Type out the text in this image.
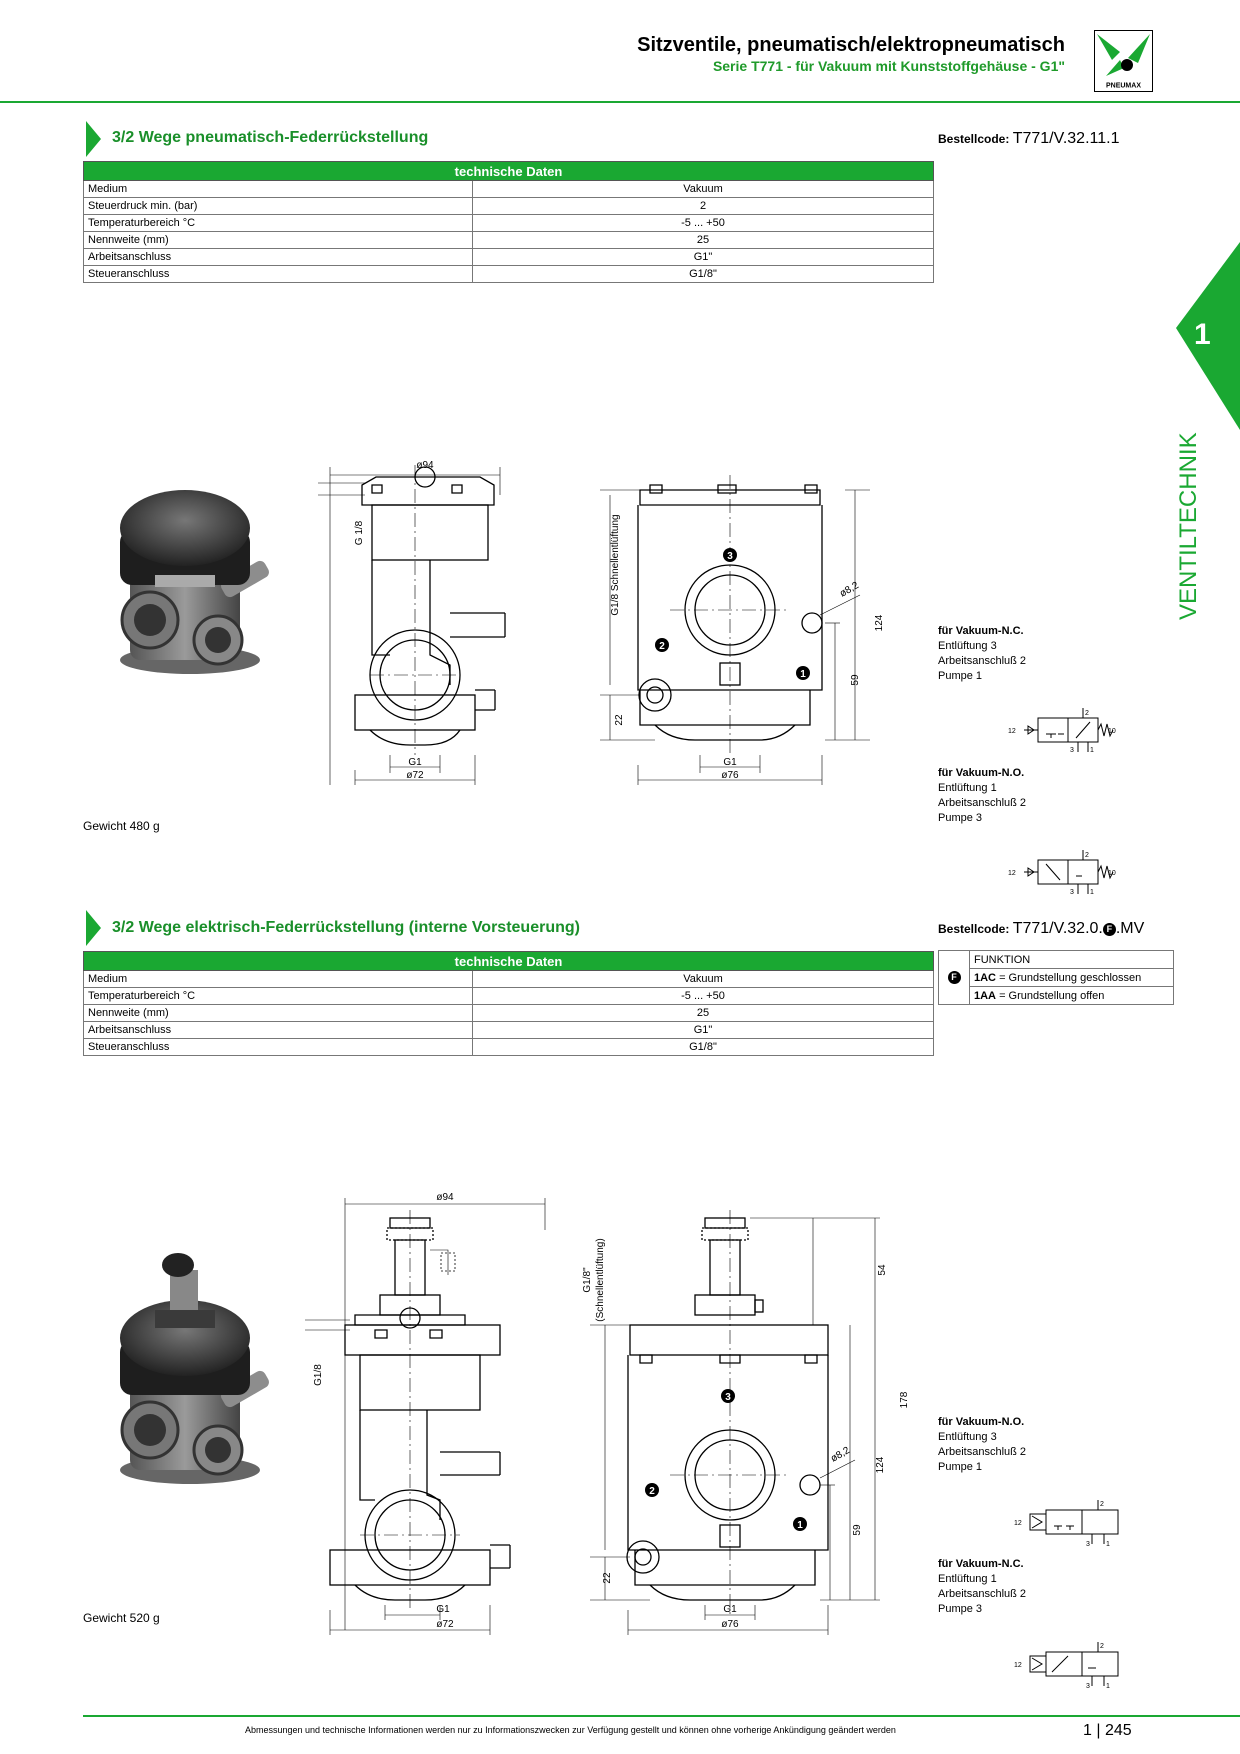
Sitzventile, pneumatisch/elektropneumatisch
Serie T771 - für Vakuum mit Kunststoffgehäuse - G1"
PNEUMAX
1
VENTILTECHNIK
3/2 Wege pneumatisch-Federrückstellung	Bestellcode: T771/V.32.11.1
technische Daten	
Medium	Vakuum
Steuerdruck min. (bar)	2
Temperaturbereich °C	-5 ... +50
Nennweite (mm)	25
Arbeitsanschluss	G1"
Steueranschluss	G1/8"
ø94
G1
ø72
G 1/8
3
2
1
G1
ø76
ø8,2
124
59
22
G1/8 Schnellentlüftung
für Vakuum-N.C.
Entlüftung 3
Arbeitsanschluß 2
Pumpe 1
12	10
2
3 1
für Vakuum-N.O.
Entlüftung 1
Arbeitsanschluß 2
Pumpe 3
12	10
2
3 1
Gewicht 480 g
3/2 Wege elektrisch-Federrückstellung (interne Vorsteuerung)	Bestellcode: T771/V.32.0. F .MV
technische Daten	
Medium	Vakuum
Temperaturbereich °C	-5 ... +50
Nennweite (mm)	25
Arbeitsanschluss	G1"
Steueranschluss	G1/8"
F	FUNKTION
1AC = Grundstellung geschlossen
1AA = Grundstellung offen
ø94
G1
ø72
G1/8
3
2
1
G1
ø76
ø8,2
54
178
124
59
22
G1/8" (Schnellentlüftung)
für Vakuum-N.O.
Entlüftung 3
Arbeitsanschluß 2
Pumpe 1
12
2
3 1
für Vakuum-N.C.
Entlüftung 1
Arbeitsanschluß 2
Pumpe 3
12
2
3 1
Gewicht 520 g
Abmessungen und technische Informationen werden nur zu Informationszwecken zur Verfügung gestellt und können ohne vorherige Ankündigung geändert werden	1 | 245
